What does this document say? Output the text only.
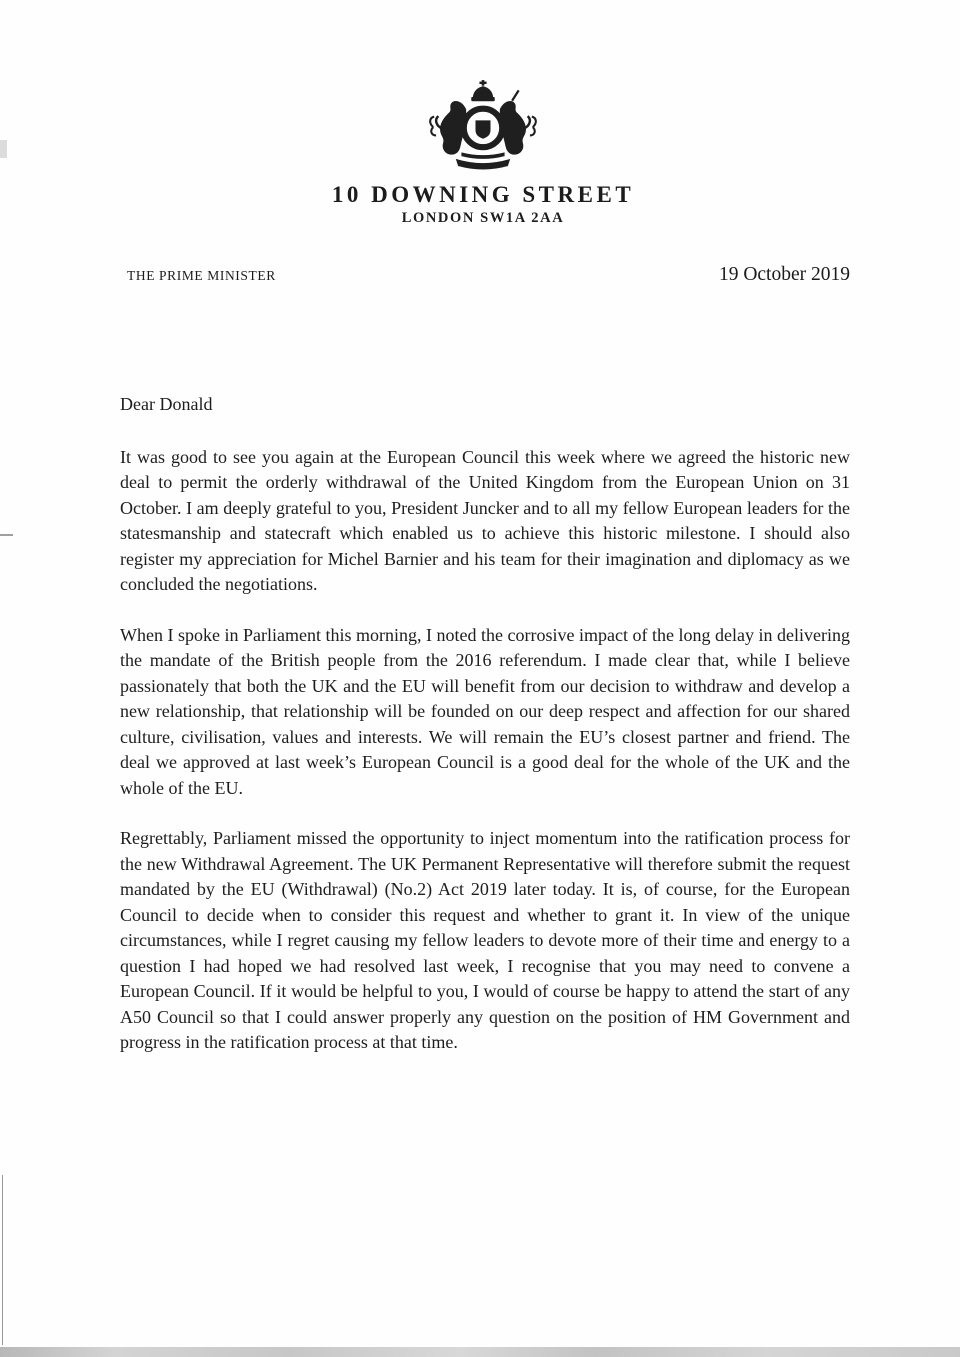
10 DOWNING STREET
LONDON SW1A 2AA
THE PRIME MINISTER	19 October 2019

Dear Donald

It was good to see you again at the European Council this week where we agreed the historic new deal to permit the orderly withdrawal of the United Kingdom from the European Union on 31 October. I am deeply grateful to you, President Juncker and to all my fellow European leaders for the statesmanship and statecraft which enabled us to achieve this historic milestone. I should also register my appreciation for Michel Barnier and his team for their imagination and diplomacy as we concluded the negotiations.

When I spoke in Parliament this morning, I noted the corrosive impact of the long delay in delivering the mandate of the British people from the 2016 referendum. I made clear that, while I believe passionately that both the UK and the EU will benefit from our decision to withdraw and develop a new relationship, that relationship will be founded on our deep respect and affection for our shared culture, civilisation, values and interests. We will remain the EU’s closest partner and friend. The deal we approved at last week’s European Council is a good deal for the whole of the UK and the whole of the EU.

Regrettably, Parliament missed the opportunity to inject momentum into the ratification process for the new Withdrawal Agreement. The UK Permanent Representative will therefore submit the request mandated by the EU (Withdrawal) (No.2) Act 2019 later today. It is, of course, for the European Council to decide when to consider this request and whether to grant it. In view of the unique circumstances, while I regret causing my fellow leaders to devote more of their time and energy to a question I had hoped we had resolved last week, I recognise that you may need to convene a European Council. If it would be helpful to you, I would of course be happy to attend the start of any A50 Council so that I could answer properly any question on the position of HM Government and progress in the ratification process at that time.
